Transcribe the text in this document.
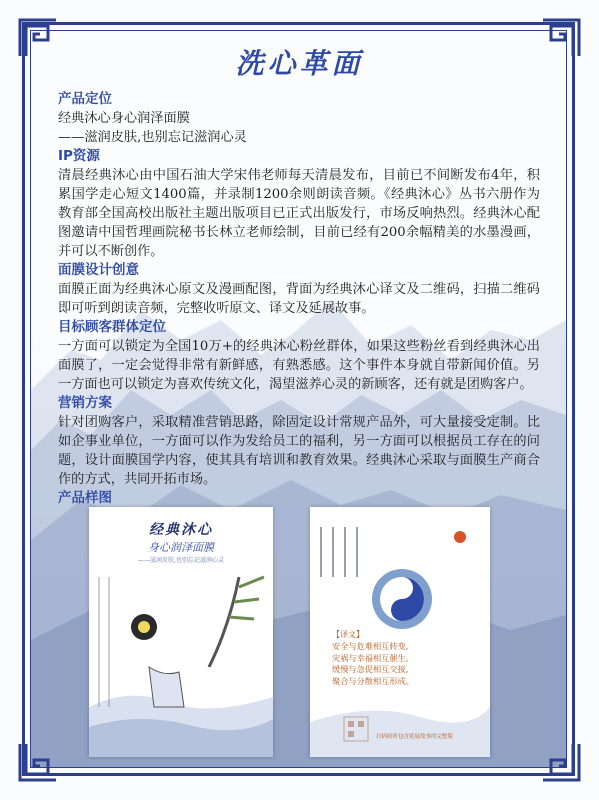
洗心革面

产品定位

经典沐心身心润泽面膜

——滋润皮肤,也别忘记滋润心灵

IP资源

清晨经典沐心由中国石油大学宋伟老师每天清晨发布，目前已不间断发布4年，积累国学走心短文1400篇，并录制1200余则朗读音频。《经典沐心》丛书六册作为教育部全国高校出版社主题出版项目已正式出版发行，市场反响热烈。经典沐心配图邀请中国哲理画院秘书长林立老师绘制，目前已经有200余幅精美的水墨漫画，并可以不断创作。

面膜设计创意

面膜正面为经典沐心原文及漫画配图，背面为经典沐心译文及二维码，扫描二维码即可听到朗读音频，完整收听原文、译文及延展故事。

目标顾客群体定位

一方面可以锁定为全国10万+的经典沐心粉丝群体，如果这些粉丝看到经典沐心出面膜了，一定会觉得非常有新鲜感，有熟悉感。这个事件本身就自带新闻价值。另一方面也可以锁定为喜欢传统文化，渴望滋养心灵的新顾客，还有就是团购客户。

营销方案

针对团购客户，采取精准营销思路，除固定设计常规产品外，可大量接受定制。比如企事业单位，一方面可以作为发给员工的福利，另一方面可以根据员工存在的问题，设计面膜国学内容，使其具有培训和教育效果。经典沐心采取与面膜生产商合作的方式，共同开拓市场。

产品样图

经典沐心
身心润泽面膜
——滋润皮肤,也别忘记滋润心灵
【译文】
安全与危难相互转变,
灾祸与幸福相互催生,
缓慢与急促相互交接,
聚合与分散相互形成。
扫码收听包含延展故事的完整版
